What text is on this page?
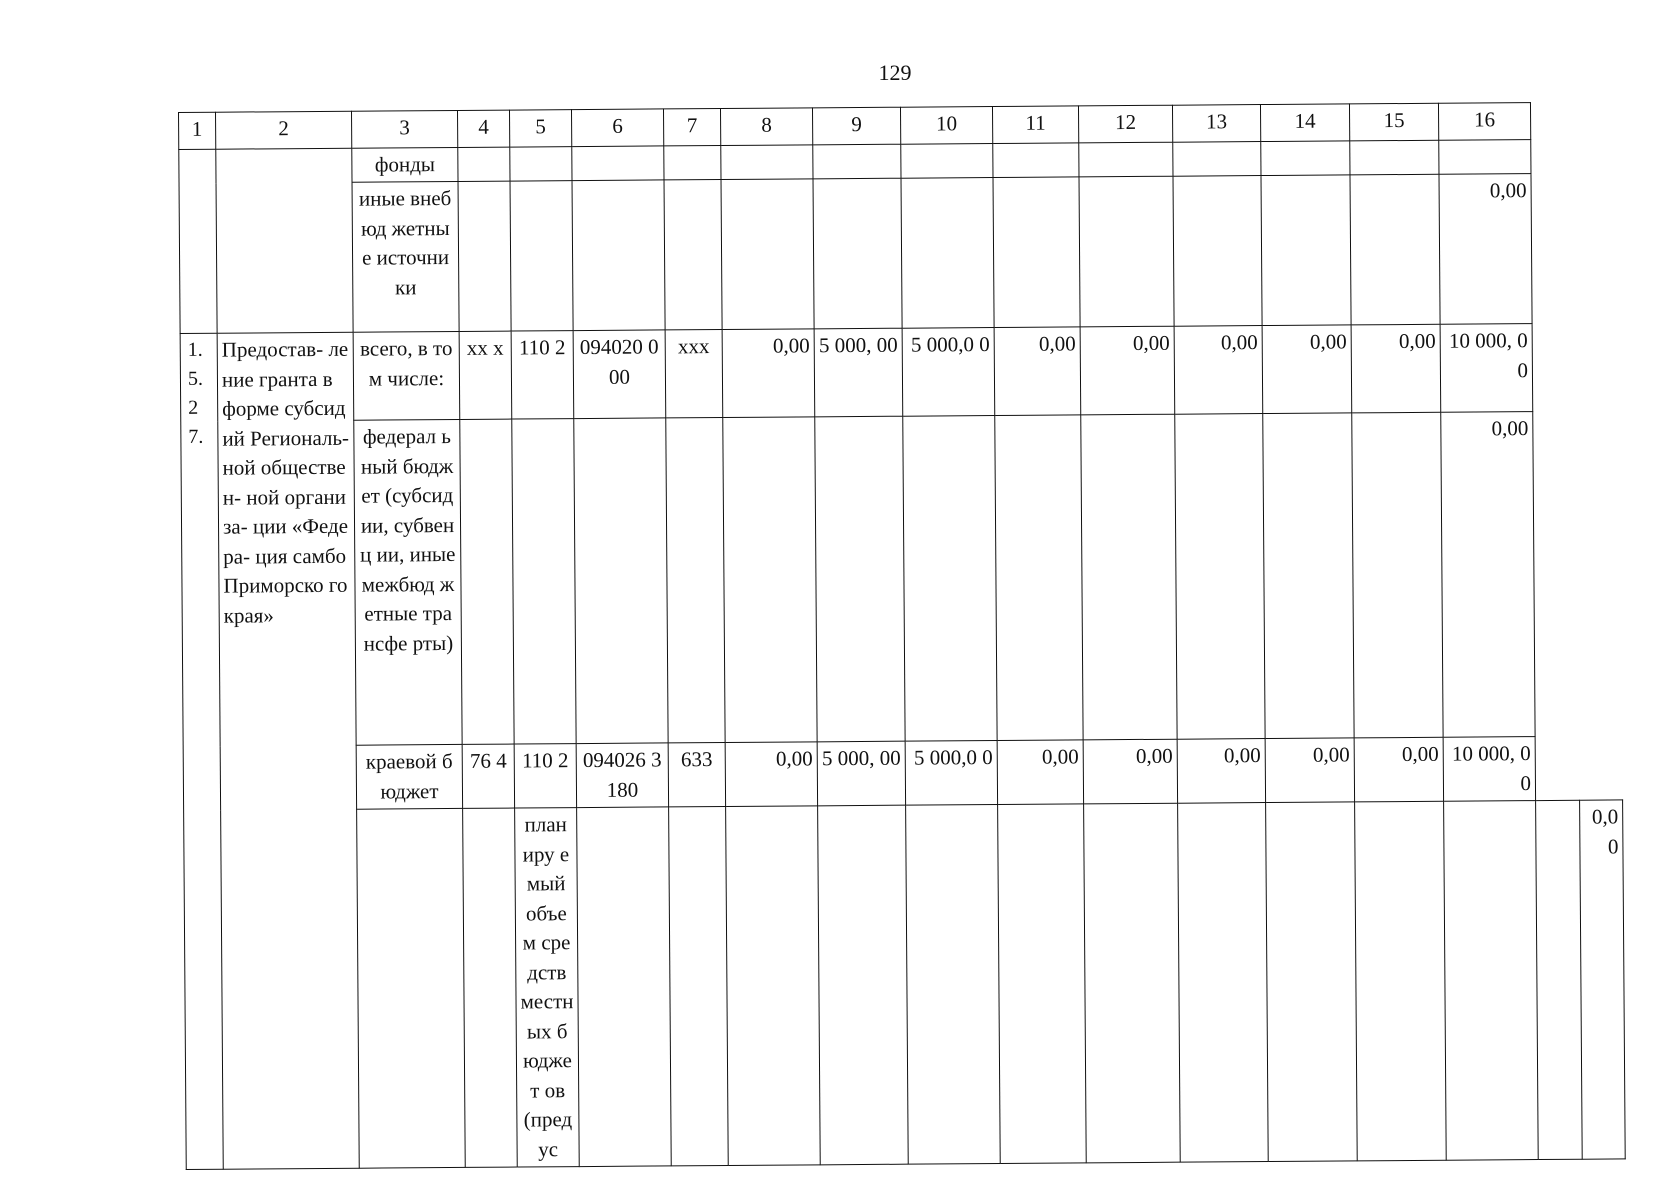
129
1	2	3	4	5	6	7	8	9	10	11	12	13	14	15	16		
		фонды															
		иные внебюд жетные источни ки													0,00		
1. 5. 2 7.	Предостав- ление гранта в форме субсидий Региональ- ной обществен- ной организа- ции «Федера- ция самбо Приморско го края»	всего, в том числе:	хх х	110 2	094020 000	ххх	0,00	5 000, 00	5 000,0 0	0,00	0,00	0,00	0,00	0,00	10 000, 00		
		федерал ьный бюджет (субсид ии, субвенц ии, иные межбюд жетные трансфе рты)													0,00		
		краевой бюджет	76 4	110 2	094026 3180	633	0,00	5 000, 00	5 000,0 0	0,00	0,00	0,00	0,00	0,00	10 000, 00		
				планиру емый объем средств местных бюджет ов (предус													0,00
